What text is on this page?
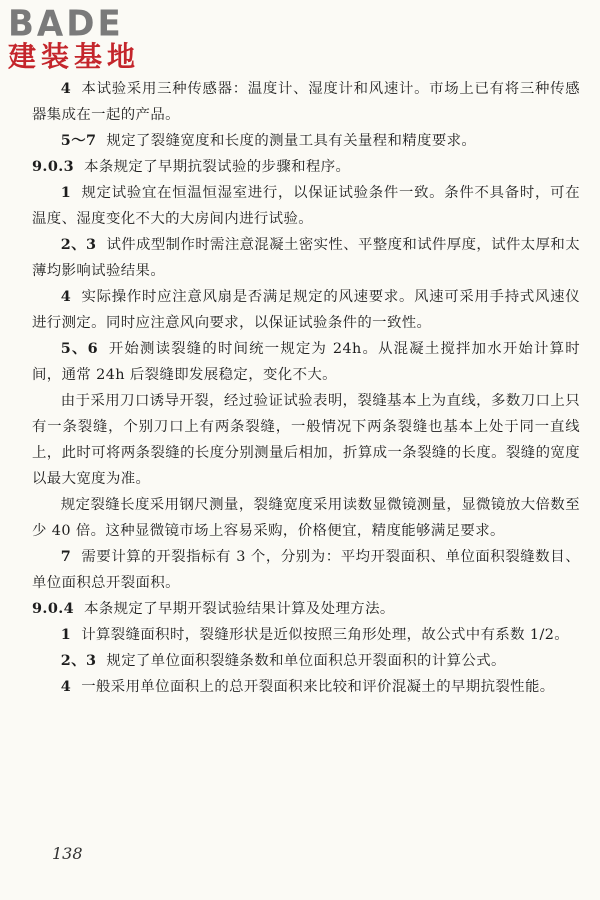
BADE
建装基地

4 本试验采用三种传感器：温度计、湿度计和风速计。市场上已有将三种传感器集成在一起的产品。

5～7 规定了裂缝宽度和长度的测量工具有关量程和精度要求。

9.0.3 本条规定了早期抗裂试验的步骤和程序。

1 规定试验宜在恒温恒湿室进行，以保证试验条件一致。条件不具备时，可在温度、湿度变化不大的大房间内进行试验。

2、3 试件成型制作时需注意混凝土密实性、平整度和试件厚度，试件太厚和太薄均影响试验结果。

4 实际操作时应注意风扇是否满足规定的风速要求。风速可采用手持式风速仪进行测定。同时应注意风向要求，以保证试验条件的一致性。

5、6 开始测读裂缝的时间统一规定为 24h。从混凝土搅拌加水开始计算时间，通常 24h 后裂缝即发展稳定，变化不大。

由于采用刀口诱导开裂，经过验证试验表明，裂缝基本上为直线，多数刀口上只有一条裂缝，个别刀口上有两条裂缝，一般情况下两条裂缝也基本上处于同一直线上，此时可将两条裂缝的长度分别测量后相加，折算成一条裂缝的长度。裂缝的宽度以最大宽度为准。

规定裂缝长度采用钢尺测量，裂缝宽度采用读数显微镜测量，显微镜放大倍数至少 40 倍。这种显微镜市场上容易采购，价格便宜，精度能够满足要求。

7 需要计算的开裂指标有 3 个，分别为：平均开裂面积、单位面积裂缝数目、单位面积总开裂面积。

9.0.4 本条规定了早期开裂试验结果计算及处理方法。

1 计算裂缝面积时，裂缝形状是近似按照三角形处理，故公式中有系数 1/2。

2、3 规定了单位面积裂缝条数和单位面积总开裂面积的计算公式。

4 一般采用单位面积上的总开裂面积来比较和评价混凝土的早期抗裂性能。

138
